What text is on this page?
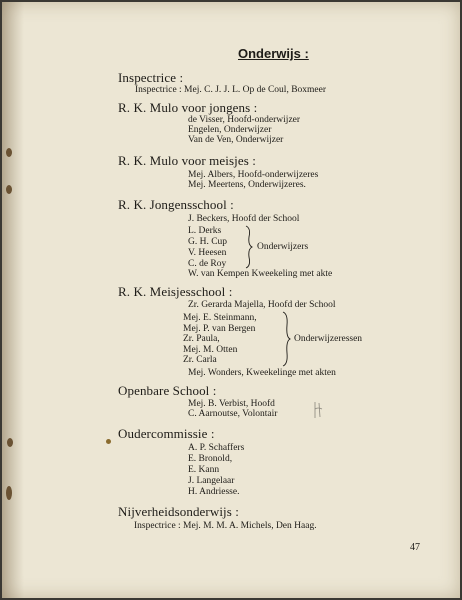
Onderwijs :
Inspectrice :
Inspectrice : Mej. C. J. J. L. Op de Coul, Boxmeer
R. K. Mulo voor jongens :
de Visser, Hoofd-onderwijzer
Engelen, Onderwijzer
Van de Ven, Onderwijzer
R. K. Mulo voor meisjes :
Mej. Albers, Hoofd-onderwijzeres
Mej. Meertens, Onderwijzeres.
R. K. Jongensschool :
J. Beckers, Hoofd der School
L. Derks
G. H. Cup
V. Heesen
C. de Roy
Onderwijzers
W. van Kempen Kweekeling met akte
R. K. Meisjesschool :
Zr. Gerarda Majella, Hoofd der School
Mej. E. Steinmann,
Mej. P. van Bergen
Zr. Paula,
Mej. M. Otten
Zr. Carla
Onderwijzeressen
Mej. Wonders, Kweekelinge met akten
Openbare School :
Mej. B. Verbist, Hoofd
C. Aarnoutse, Volontair
Oudercommissie :
A. P. Schaffers
E. Bronold,
E. Kann
J. Langelaar
H. Andriesse.
Nijverheidsonderwijs :
Inspectrice : Mej. M. M. A. Michels, Den Haag.
47
